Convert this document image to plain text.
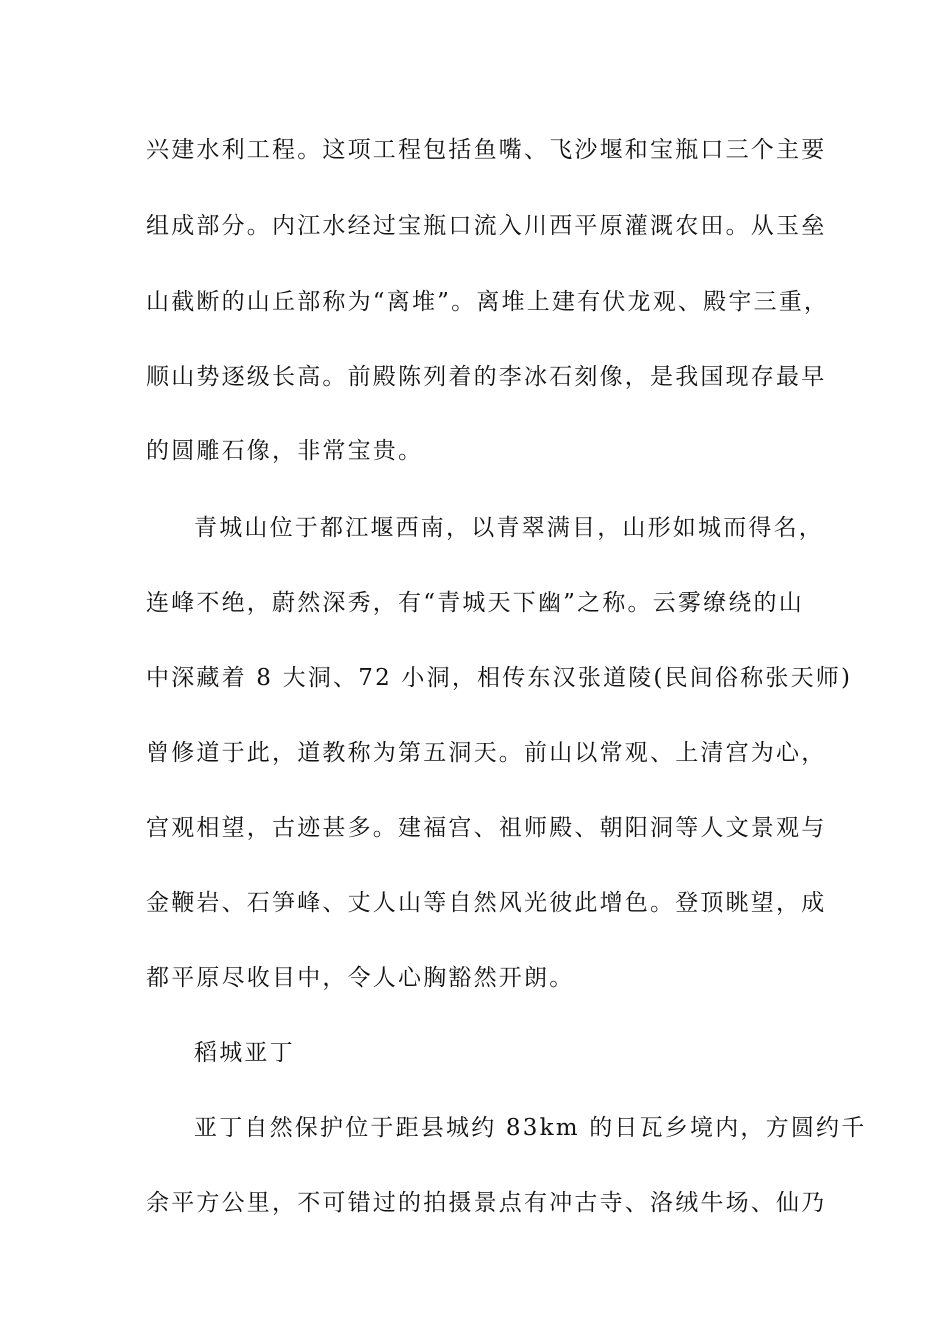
兴建水利工程。这项工程包括鱼嘴、飞沙堰和宝瓶口三个主要
组成部分。内江水经过宝瓶口流入川西平原灌溉农田。从玉垒
山截断的山丘部称为“离堆”。离堆上建有伏龙观、殿宇三重，
顺山势逐级长高。前殿陈列着的李冰石刻像，是我国现存最早
的圆雕石像，非常宝贵。
青城山位于都江堰西南，以青翠满目，山形如城而得名，
连峰不绝，蔚然深秀，有“青城天下幽”之称。云雾缭绕的山
中深藏着 8 大洞、72 小洞，相传东汉张道陵(民间俗称张天师)
曾修道于此，道教称为第五洞天。前山以常观、上清宫为心，
宫观相望，古迹甚多。建福宫、祖师殿、朝阳洞等人文景观与
金鞭岩、石笋峰、丈人山等自然风光彼此增色。登顶眺望，成
都平原尽收目中，令人心胸豁然开朗。
稻城亚丁
亚丁自然保护位于距县城约 83km 的日瓦乡境内，方圆约千
余平方公里，不可错过的拍摄景点有冲古寺、洛绒牛场、仙乃
